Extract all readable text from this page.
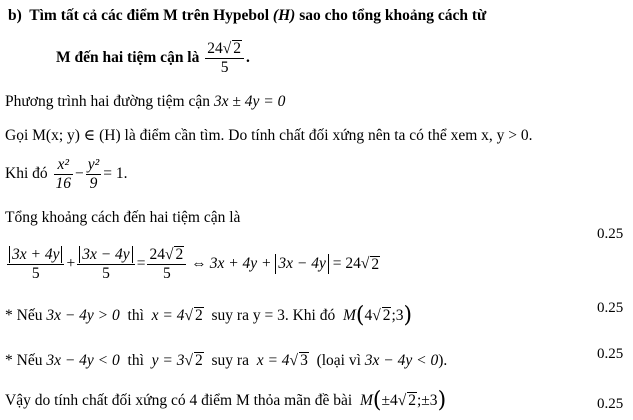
b) Tìm tất cả các điểm M trên Hypebol (H) sao cho tổng khoảng cách từ
M đến hai tiệm cận là $\frac{24√ 2}{5}$ .
Phương trình hai đường tiệm cận 3x ± 4y = 0
Gọi M(x; y) ∈ (H) là điểm cần tìm. Do tính chất đối xứng nên ta có thể xem x, y > 0.
Khi đó
$\frac{\text{x²}}{16} - \frac{\text{y²}}{9} = 1$.
Tổng khoảng cách đến hai tiệm cận là
0.25
$\frac{3x + 4y}{5} + \frac{3x - 4y}{5} = \frac{24√ 2}{5}$ ⇔ 3x + 4y +
3x − 4y
= 24 √ 2
0.25
* Nếu 3x − 4y > 0 thì x = 4√ 2 suy ra y = 3. Khi đó M(4√ 2;3)
0.25
* Nếu 3x − 4y < 0 thì y = 3√ 2 suy ra x = 4√ 3 (loại vì 3x − 4y < 0).
0.25
Vậy do tính chất đối xứng có 4 điểm M thỏa mãn đề bài M(±4√ 2;±3)
